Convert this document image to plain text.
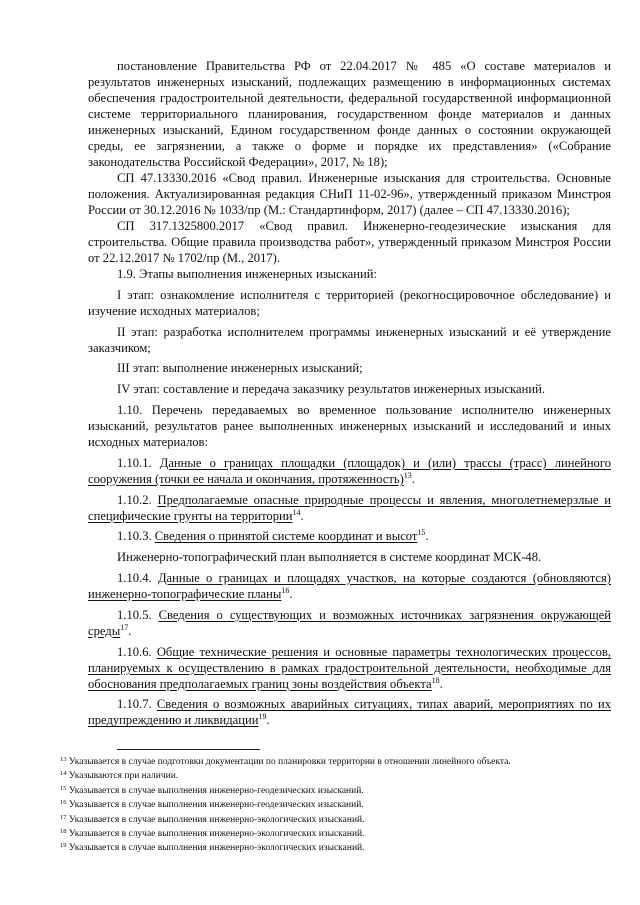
постановление Правительства РФ от 22.04.2017 № 485 «О составе материалов и результатов инженерных изысканий, подлежащих размещению в информационных системах обеспечения градостроительной деятельности, федеральной государственной информационной системе территориального планирования, государственном фонде материалов и данных инженерных изысканий, Едином государственном фонде данных о состоянии окружающей среды, ее загрязнении, а также о форме и порядке их представления» («Собрание законодательства Российской Федерации», 2017, № 18);

СП 47.13330.2016 «Свод правил. Инженерные изыскания для строительства. Основные положения. Актуализированная редакция СНиП 11-02-96», утвержденный приказом Минстроя России от 30.12.2016 № 1033/пр (М.: Стандартинформ, 2017) (далее – СП 47.13330.2016);

СП 317.1325800.2017 «Свод правил. Инженерно-геодезические изыскания для строительства. Общие правила производства работ», утвержденный приказом Минстроя России от 22.12.2017 № 1702/пр (М., 2017).

1.9. Этапы выполнения инженерных изысканий:

I этап: ознакомление исполнителя с территорией (рекогносцировочное обследование) и изучение исходных материалов;

II этап: разработка исполнителем программы инженерных изысканий и её утверждение заказчиком;

III этап: выполнение инженерных изысканий;

IV этап: составление и передача заказчику результатов инженерных изысканий.

1.10. Перечень передаваемых во временное пользование исполнителю инженерных изысканий, результатов ранее выполненных инженерных изысканий и исследований и иных исходных материалов:

1.10.1. Данные о границах площадки (площадок) и (или) трассы (трасс) линейного сооружения (точки ее начала и окончания, протяженность)$^{13}$.

1.10.2. Предполагаемые опасные природные процессы и явления, многолетнемерзлые и специфические грунты на территории$^{14}$.

1.10.3. Сведения о принятой системе координат и высот$^{15}$.

Инженерно-топографический план выполняется в системе координат МСК-48.

1.10.4. Данные о границах и площадях участков, на которые создаются (обновляются) инженерно-топографические планы$^{16}$.

1.10.5. Сведения о существующих и возможных источниках загрязнения окружающей среды$^{17}$.

1.10.6. Общие технические решения и основные параметры технологических процессов, планируемых к осуществлению в рамках градостроительной деятельности, необходимые для обоснования предполагаемых границ зоны воздействия объекта$^{18}$.

1.10.7. Сведения о возможных аварийных ситуациях, типах аварий, мероприятиях по их предупреждению и ликвидации$^{19}$.

$^{13}$ Указывается в случае подготовки документации по планировки территории в отношении линейного объекта.
$^{14}$ Указываются при наличии.
$^{15}$ Указывается в случае выполнения инженерно-геодезических изысканий.
$^{16}$ Указывается в случае выполнения инженерно-геодезических изысканий.
$^{17}$ Указывается в случае выполнения инженерно-экологических изысканий.
$^{18}$ Указывается в случае выполнения инженерно-экологических изысканий.
$^{19}$ Указывается в случае выполнения инженерно-экологических изысканий.
